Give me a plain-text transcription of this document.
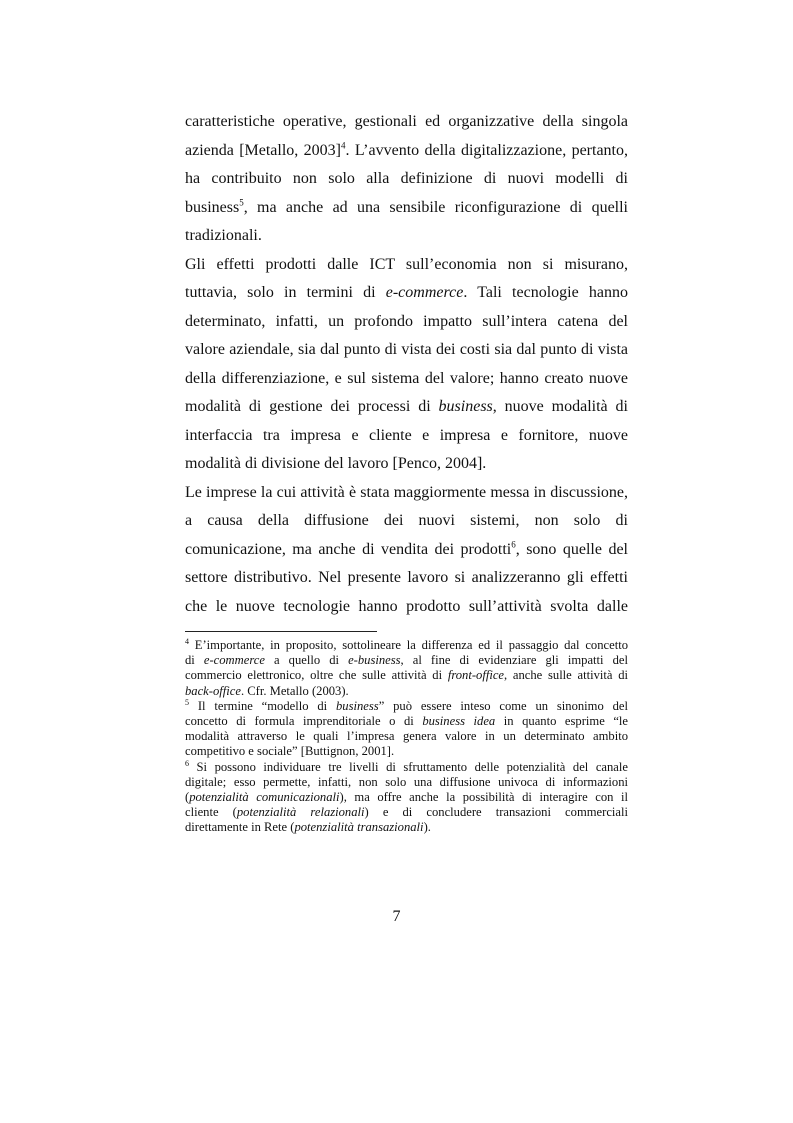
caratteristiche operative, gestionali ed organizzative della singola
azienda [Metallo, 2003]$^4$. L’avvento della digitalizzazione, pertanto,
ha contribuito non solo alla definizione di nuovi modelli di
business$^5$, ma anche ad una sensibile riconfigurazione di quelli
tradizionali.
Gli effetti prodotti dalle ICT sull’economia non si misurano,
tuttavia, solo in termini di e-commerce. Tali tecnologie hanno
determinato, infatti, un profondo impatto sull’intera catena del
valore aziendale, sia dal punto di vista dei costi sia dal punto di vista
della differenziazione, e sul sistema del valore; hanno creato nuove
modalità di gestione dei processi di business, nuove modalità di
interfaccia tra impresa e cliente e impresa e fornitore, nuove
modalità di divisione del lavoro [Penco, 2004].
Le imprese la cui attività è stata maggiormente messa in discussione,
a causa della diffusione dei nuovi sistemi, non solo di
comunicazione, ma anche di vendita dei prodotti$^6$, sono quelle del
settore distributivo. Nel presente lavoro si analizzeranno gli effetti
che le nuove tecnologie hanno prodotto sull’attività svolta dalle
$^4$ E’importante, in proposito, sottolineare la differenza ed il passaggio dal concetto
di e-commerce a quello di e-business, al fine di evidenziare gli impatti del
commercio elettronico, oltre che sulle attività di front-office, anche sulle attività di
back-office. Cfr. Metallo (2003).
$^5$ Il termine “modello di business” può essere inteso come un sinonimo del
concetto di formula imprenditoriale o di business idea in quanto esprime “le
modalità attraverso le quali l’impresa genera valore in un determinato ambito
competitivo e sociale” [Buttignon, 2001].
$^6$ Si possono individuare tre livelli di sfruttamento delle potenzialità del canale
digitale; esso permette, infatti, non solo una diffusione univoca di informazioni
(potenzialità comunicazionali), ma offre anche la possibilità di interagire con il
cliente (potenzialità relazionali) e di concludere transazioni commerciali
direttamente in Rete (potenzialità transazionali).
7
